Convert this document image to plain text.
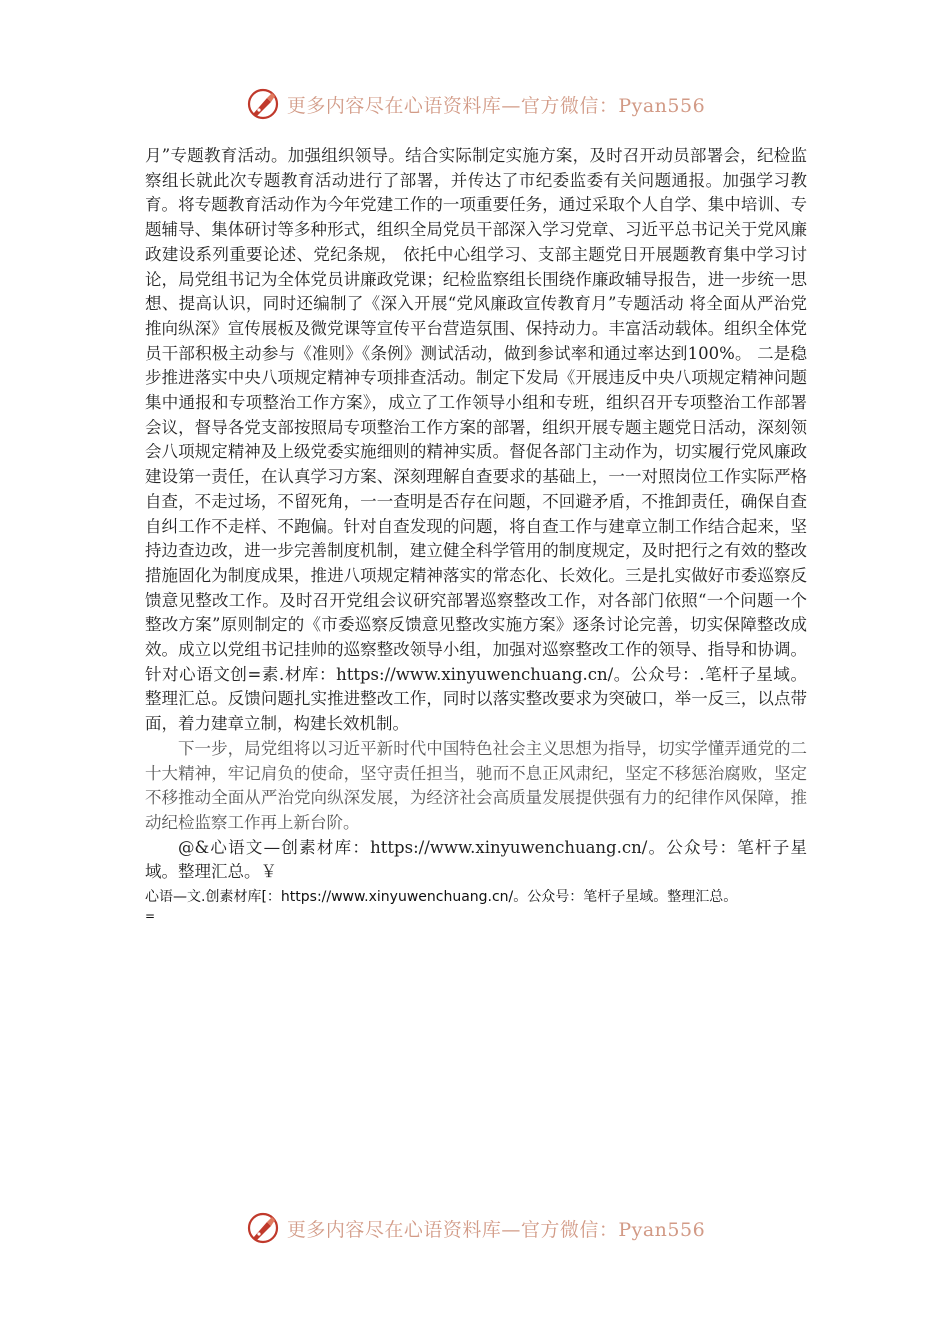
更多内容尽在心语资料库—官方微信：Pyan556

月”专题教育活动。加强组织领导。结合实际制定实施方案，及时召开动员部署会，纪检监察组长就此次专题教育活动进行了部署，并传达了市纪委监委有关问题通报。加强学习教育。将专题教育活动作为今年党建工作的一项重要任务，通过采取个人自学、集中培训、专题辅导、集体研讨等多种形式，组织全局党员干部深入学习党章、习近平总书记关于党风廉政建设系列重要论述、党纪条规， 依托中心组学习、支部主题党日开展题教育集中学习讨论，局党组书记为全体党员讲廉政党课；纪检监察组长围绕作廉政辅导报告，进一步统一思想、提高认识，同时还编制了《深入开展“党风廉政宣传教育月”专题活动 将全面从严治党推向纵深》宣传展板及微党课等宣传平台营造氛围、保持动力。丰富活动载体。组织全体党员干部积极主动参与《准则》《条例》测试活动，做到参试率和通过率达到100%。 二是稳步推进落实中央八项规定精神专项排查活动。制定下发局《开展违反中央八项规定精神问题集中通报和专项整治工作方案》，成立了工作领导小组和专班，组织召开专项整治工作部署会议，督导各党支部按照局专项整治工作方案的部署，组织开展专题主题党日活动，深刻领会八项规定精神及上级党委实施细则的精神实质。督促各部门主动作为，切实履行党风廉政建设第一责任，在认真学习方案、深刻理解自查要求的基础上，一一对照岗位工作实际严格自查，不走过场，不留死角，一一查明是否存在问题，不回避矛盾，不推卸责任，确保自查自纠工作不走样、不跑偏。针对自查发现的问题，将自查工作与建章立制工作结合起来，坚持边查边改，进一步完善制度机制，建立健全科学管用的制度规定，及时把行之有效的整改措施固化为制度成果，推进八项规定精神落实的常态化、长效化。三是扎实做好市委巡察反馈意见整改工作。及时召开党组会议研究部署巡察整改工作，对各部门依照“一个问题一个整改方案”原则制定的《市委巡察反馈意见整改实施方案》逐条讨论完善，切实保障整改成效。成立以党组书记挂帅的巡察整改领导小组，加强对巡察整改工作的领导、指导和协调。针对心语文创=素.材库：https://www.xinyuwenchuang.cn/。公众号：.笔杆子星域。整理汇总。反馈问题扎实推进整改工作，同时以落实整改要求为突破口，举一反三，以点带面，着力建章立制，构建长效机制。

下一步，局党组将以习近平新时代中国特色社会主义思想为指导，切实学懂弄通党的二十大精神，牢记肩负的使命，坚守责任担当，驰而不息正风肃纪，坚定不移惩治腐败，坚定不移推动全面从严治党向纵深发展，为经济社会高质量发展提供强有力的纪律作风保障，推动纪检监察工作再上新台阶。

@&心语文—创素材库：https://www.xinyuwenchuang.cn/。公众号：笔杆子星域。整理汇总。￥

心语—文.创素材库[：https://www.xinyuwenchuang.cn/。公众号：笔杆子星域。整理汇总。
=
更多内容尽在心语资料库—官方微信：Pyan556
